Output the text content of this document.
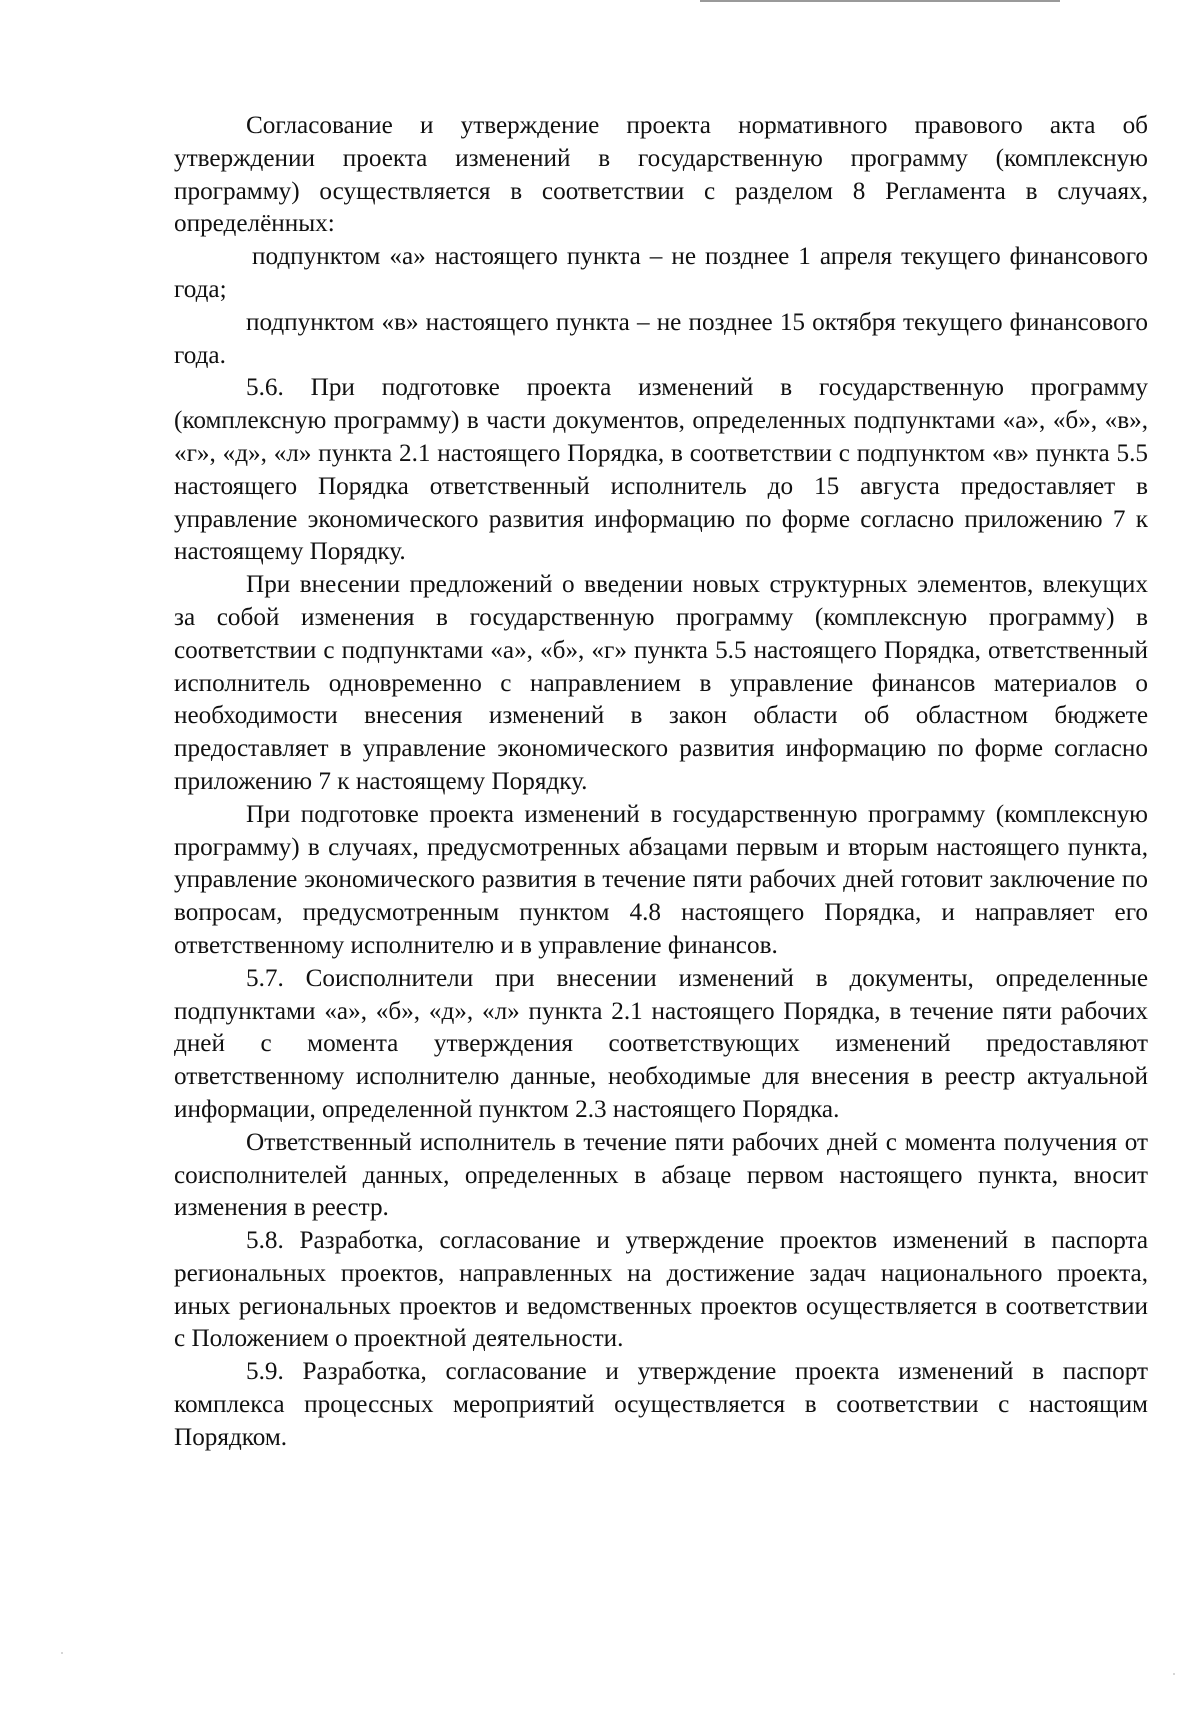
Согласование и утверждение проекта нормативного правового акта об утверждении проекта изменений в государственную программу (комплексную программу) осуществляется в соответствии с разделом 8 Регламента в случаях, определённых:

подпунктом «а» настоящего пункта – не позднее 1 апреля текущего финансового года;

подпунктом «в» настоящего пункта – не позднее 15 октября текущего финансового года.

5.6. При подготовке проекта изменений в государственную программу (комплексную программу) в части документов, определенных подпунктами «а», «б», «в», «г», «д», «л» пункта 2.1 настоящего Порядка, в соответствии с подпунктом «в» пункта 5.5 настоящего Порядка ответственный исполнитель до 15 августа предоставляет в управление экономического развития информацию по форме согласно приложению 7 к настоящему Порядку.

При внесении предложений о введении новых структурных элементов, влекущих за собой изменения в государственную программу (комплексную программу) в соответствии с подпунктами «а», «б», «г» пункта 5.5 настоящего Порядка, ответственный исполнитель одновременно с направлением в управление финансов материалов о необходимости внесения изменений в закон области об областном бюджете предоставляет в управление экономического развития информацию по форме согласно приложению 7 к настоящему Порядку.

При подготовке проекта изменений в государственную программу (комплексную программу) в случаях, предусмотренных абзацами первым и вторым настоящего пункта, управление экономического развития в течение пяти рабочих дней готовит заключение по вопросам, предусмотренным пунктом 4.8 настоящего Порядка, и направляет его ответственному исполнителю и в управление финансов.

5.7. Соисполнители при внесении изменений в документы, определенные подпунктами «а», «б», «д», «л» пункта 2.1 настоящего Порядка, в течение пяти рабочих дней с момента утверждения соответствующих изменений предоставляют ответственному исполнителю данные, необходимые для внесения в реестр актуальной информации, определенной пунктом 2.3 настоящего Порядка.

Ответственный исполнитель в течение пяти рабочих дней с момента получения от соисполнителей данных, определенных в абзаце первом настоящего пункта, вносит изменения в реестр.

5.8. Разработка, согласование и утверждение проектов изменений в паспорта региональных проектов, направленных на достижение задач национального проекта, иных региональных проектов и ведомственных проектов осуществляется в соответствии с Положением о проектной деятельности.

5.9. Разработка, согласование и утверждение проекта изменений в паспорт комплекса процессных мероприятий осуществляется в соответствии с настоящим Порядком.
